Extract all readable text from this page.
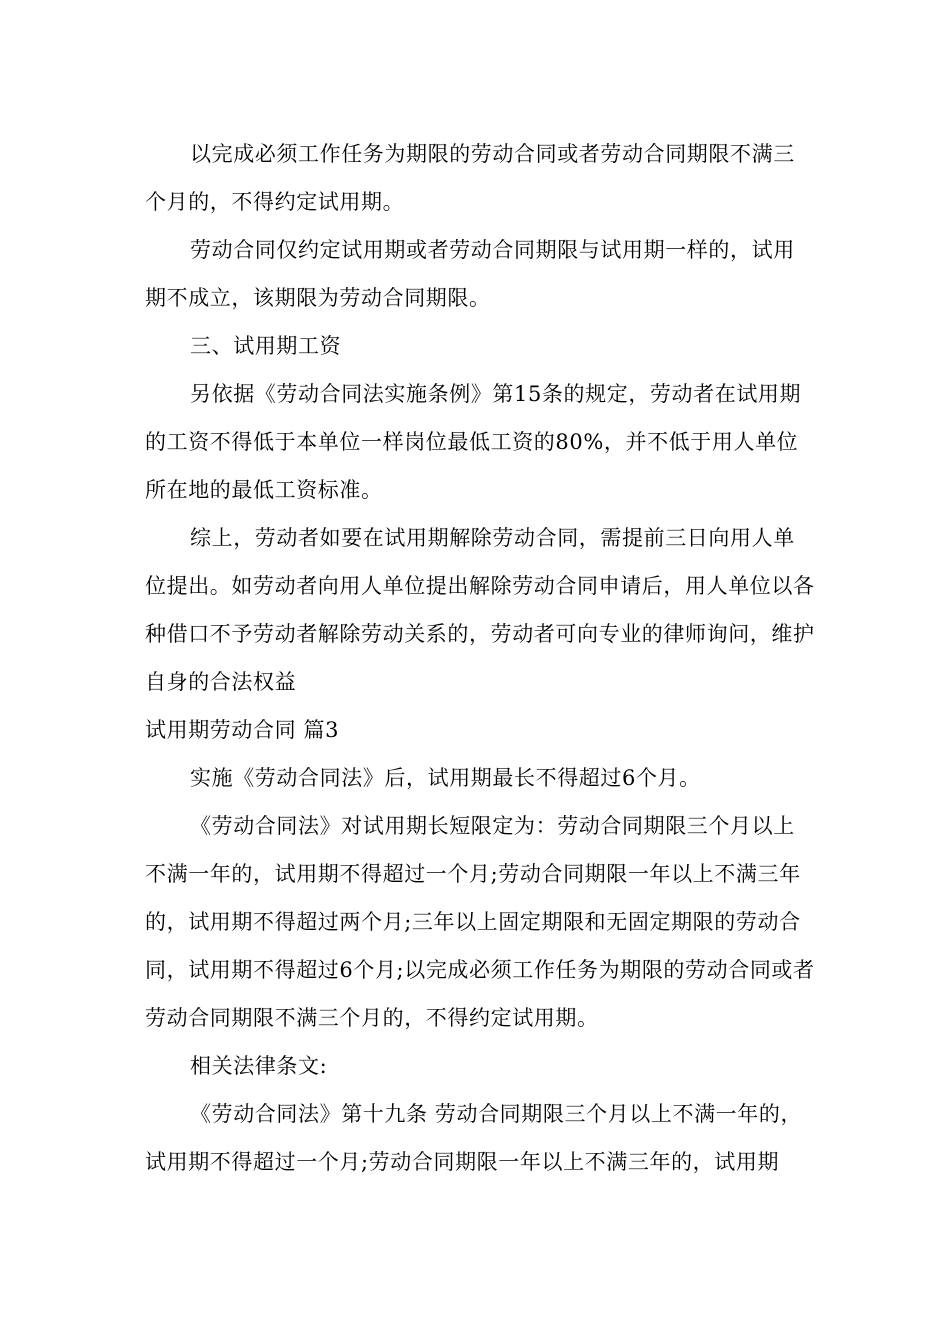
以完成必须工作任务为期限的劳动合同或者劳动合同期限不满三个月的，不得约定试用期。

劳动合同仅约定试用期或者劳动合同期限与试用期一样的，试用期不成立，该期限为劳动合同期限。

三、试用期工资

另依据《劳动合同法实施条例》第15条的规定，劳动者在试用期的工资不得低于本单位一样岗位最低工资的80%，并不低于用人单位所在地的最低工资标准。

综上，劳动者如要在试用期解除劳动合同，需提前三日向用人单位提出。如劳动者向用人单位提出解除劳动合同申请后，用人单位以各种借口不予劳动者解除劳动关系的，劳动者可向专业的律师询问，维护自身的合法权益

试用期劳动合同 篇3

实施《劳动合同法》后，试用期最长不得超过6个月。

《劳动合同法》对试用期长短限定为：劳动合同期限三个月以上不满一年的，试用期不得超过一个月;劳动合同期限一年以上不满三年的，试用期不得超过两个月;三年以上固定期限和无固定期限的劳动合同，试用期不得超过6个月;以完成必须工作任务为期限的劳动合同或者劳动合同期限不满三个月的，不得约定试用期。

相关法律条文:

《劳动合同法》第十九条 劳动合同期限三个月以上不满一年的，试用期不得超过一个月;劳动合同期限一年以上不满三年的，试用期
